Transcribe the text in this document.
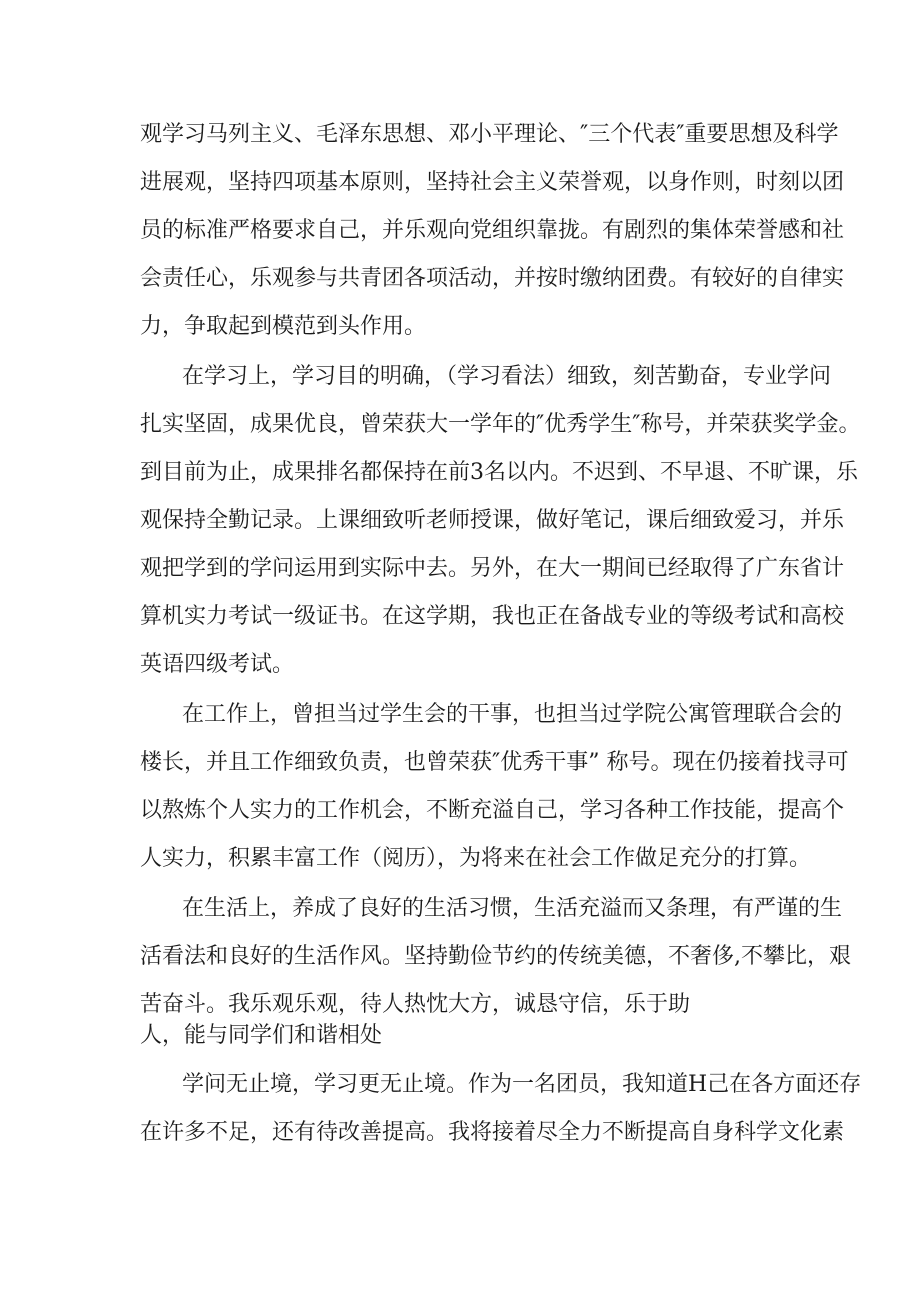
观学习马列主义、毛泽东思想、邓小平理论、″三个代表″重要思想及科学
进展观，坚持四项基本原则，坚持社会主义荣誉观，以身作则，时刻以团
员的标准严格要求自己，并乐观向党组织靠拢。有剧烈的集体荣誉感和社
会责任心，乐观参与共青团各项活动，并按时缴纳团费。有较好的自律实
力，争取起到模范到头作用。
在学习上，学习目的明确，（学习看法）细致，刻苦勤奋，专业学问
扎实坚固，成果优良，曾荣获大一学年的″优秀学生″称号，并荣获奖学金。
到目前为止，成果排名都保持在前3名以内。不迟到、不早退、不旷课，乐
观保持全勤记录。上课细致听老师授课，做好笔记，课后细致爱习，并乐
观把学到的学问运用到实际中去。另外，在大一期间已经取得了广东省计
算机实力考试一级证书。在这学期，我也正在备战专业的等级考试和高校
英语四级考试。
在工作上，曾担当过学生会的干事，也担当过学院公寓管理联合会的
楼长，并且工作细致负责，也曾荣获″优秀干事” 称号。现在仍接着找寻可
以熬炼个人实力的工作机会，不断充溢自己，学习各种工作技能，提高个
人实力，积累丰富工作（阅历），为将来在社会工作做足充分的打算。
在生活上，养成了良好的生活习惯，生活充溢而又条理，有严谨的生
活看法和良好的生活作风。坚持勤俭节约的传统美德，不奢侈,不攀比，艰
苦奋斗。我乐观乐观，待人热忱大方，诚恳守信，乐于助
人，能与同学们和谐相处
学问无止境，学习更无止境。作为一名团员，我知道H己在各方面还存
在许多不足，还有待改善提高。我将接着尽全力不断提高自身科学文化素
